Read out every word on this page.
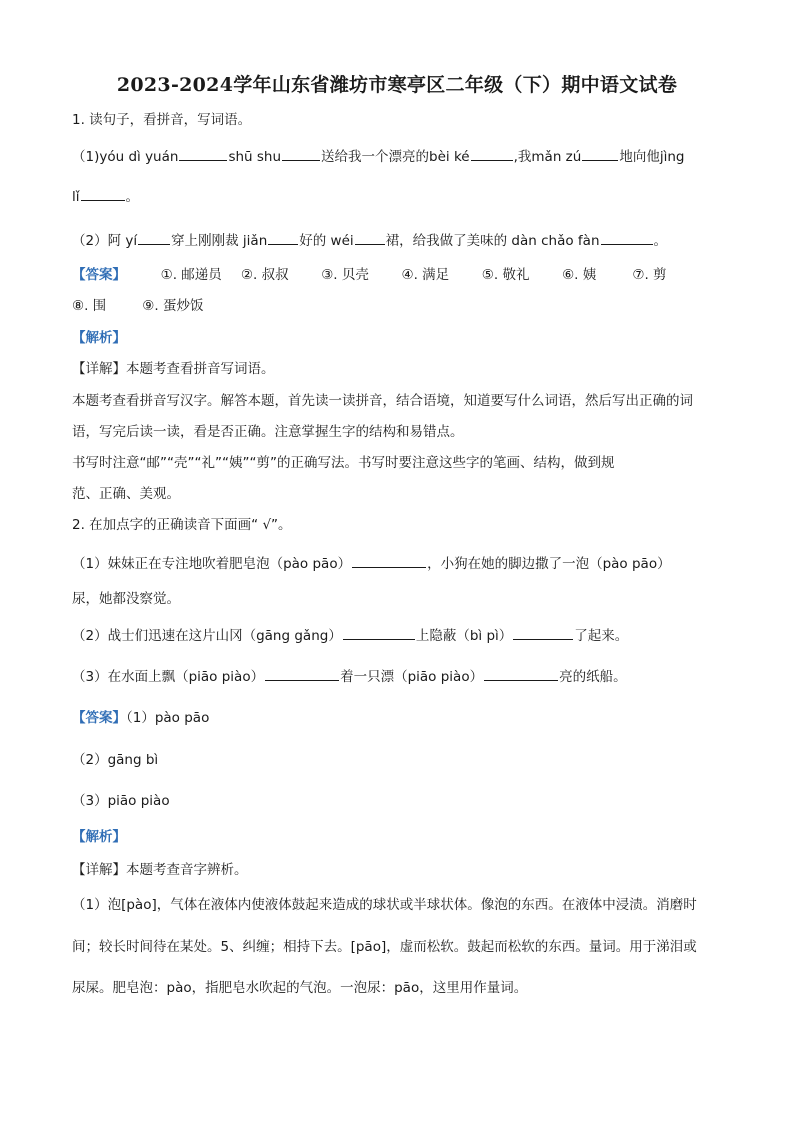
2023-2024学年山东省潍坊市寒亭区二年级（下）期中语文试卷
1. 读句子，看拼音，写词语。
（1)yóu dì yuán	shū shu	送给我一个漂亮的bèi ké	,我mǎn zú	地向他jìng
lǐ	。
（2）阿 yí	穿上刚刚裁 jiǎn 好的 wéi 裙，给我做了美味的 dàn chǎo fàn	。
【答案】	①. 邮递员 ②. 叔叔 ③. 贝壳 ④. 满足 ⑤. 敬礼 ⑥. 姨	⑦. 剪
⑧. 围	⑨. 蛋炒饭
【解析】
【详解】本题考查看拼音写词语。
本题考查看拼音写汉字。解答本题，首先读一读拼音，结合语境，知道要写什么词语，然后写出正确的词
语，写完后读一读，看是否正确。注意掌握生字的结构和易错点。
书写时注意“邮”“壳”“礼”“姨”“剪”的正确写法。书写时要注意这些字的笔画、结构，做到规
范、正确、美观。
2. 在加点字的正确读音下面画“ √”。
（1）妹妹正在专注地吹着肥皂泡（pào pāo）	，小狗在她的脚边撒了一泡（pào pāo）
尿，她都没察觉。
（2）战士们迅速在这片山冈（gāng gǎng）	上隐蔽（bì pì）	了起来。
（3）在水面上飘（piāo piào）	着一只漂（piāo piào）	亮的纸船。
【答案】（1）pào pāo
（2）gāng bì
（3）piāo piào
【解析】
【详解】本题考查音字辨析。
（1）泡[pào]，气体在液体内使液体鼓起来造成的球状或半球状体。像泡的东西。在液体中浸渍。消磨时
间；较长时间待在某处。5、纠缠；相持下去。[pāo]，虚而松软。鼓起而松软的东西。量词。用于涕泪或
尿屎。肥皂泡：pào，指肥皂水吹起的气泡。一泡尿：pāo，这里用作量词。
